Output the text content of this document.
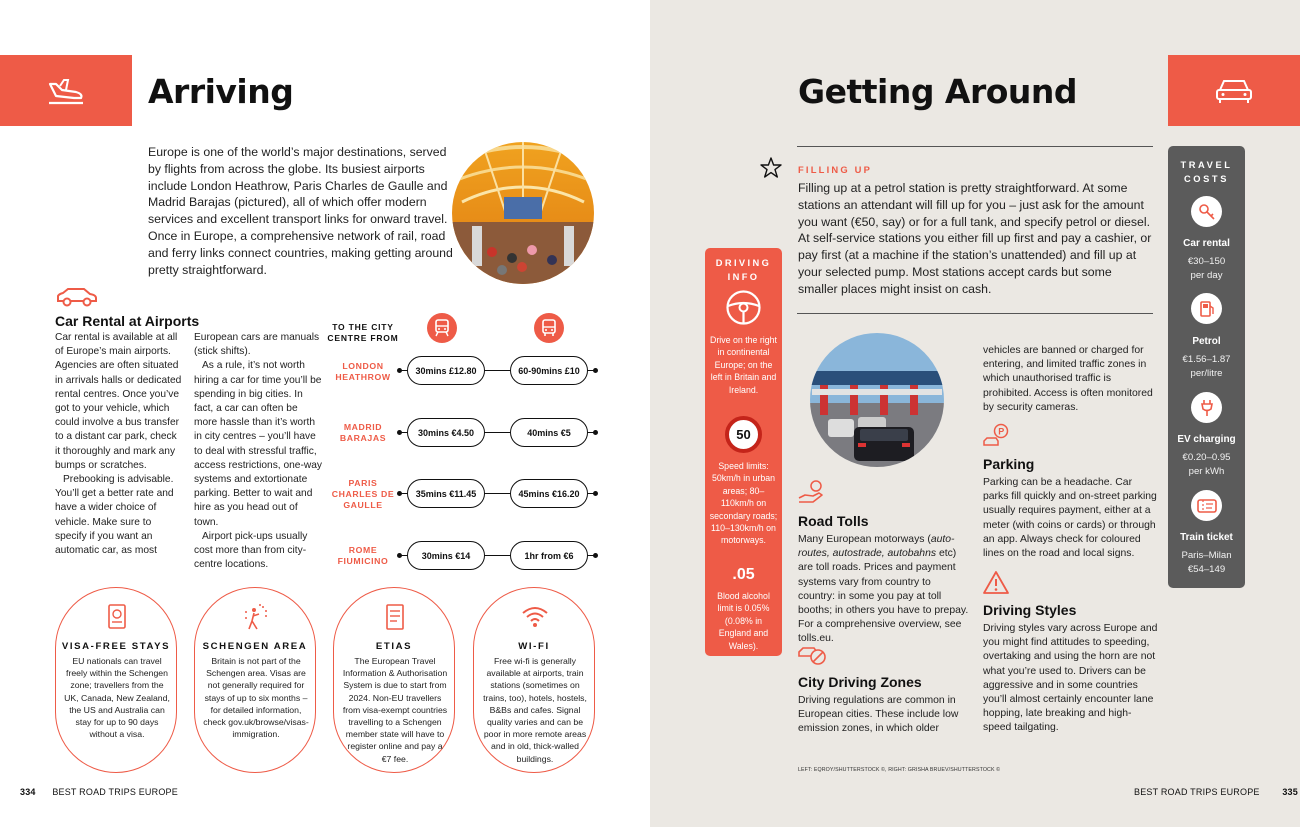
Arriving
Europe is one of the world’s major destinations, served by flights from across the globe. Its busiest airports include London Heathrow, Paris Charles de Gaulle and Madrid Barajas (pictured), all of which offer modern services and excellent transport links for onward travel. Once in Europe, a comprehensive network of rail, road and ferry links connect countries, making getting around pretty straightforward.
Car Rental at Airports
Car rental is available at all of Europe’s main airports. Agencies are often situated in arrivals halls or dedicated rental centres. Once you’ve got to your vehicle, which could involve a bus transfer to a distant car park, check it thoroughly and mark any bumps or scratches.
Prebooking is advisable. You’ll get a better rate and have a wider choice of vehicle. Make sure to specify if you want an automatic car, as most
European cars are manuals (stick shifts).
As a rule, it’s not worth hiring a car for time you’ll be spending in big cities. In fact, a car can often be more hassle than it’s worth in city centres – you’ll have to deal with stressful traffic, access restrictions, one-way systems and extortionate parking. Better to wait and hire as you head out of town.
Airport pick-ups usually cost more than from city-centre locations.
TO THE CITY CENTRE FROM
LONDON HEATHROW
30mins £12.80	60-90mins £10
MADRID BARAJAS
30mins €4.50	40mins €5
PARIS CHARLES DE GAULLE
35mins €11.45	45mins €16.20
ROME FIUMICINO
30mins €14	1hr from €6
VISA-FREE STAYS
EU nationals can travel freely within the Schengen zone; travellers from the UK, Canada, New Zealand, the US and Australia can stay for up to 90 days without a visa.
SCHENGEN AREA
Britain is not part of the Schengen area. Visas are not generally required for stays of up to six months – for detailed information, check gov.uk/browse/visas-immigration.
ETIAS
The European Travel Information & Authorisation System is due to start from 2024. Non-EU travellers from visa-exempt countries travelling to a Schengen member state will have to register online and pay a €7 fee.
WI-FI
Free wi-fi is generally available at airports, train stations (sometimes on trains, too), hotels, hostels, B&Bs and cafes. Signal quality varies and can be poor in more remote areas and in old, thick-walled buildings.
334 BEST ROAD TRIPS EUROPE
Getting Around
FILLING UP
Filling up at a petrol station is pretty straightforward. At some stations an attendant will fill up for you – just ask for the amount you want (€50, say) or for a full tank, and specify petrol or diesel. At self-service stations you either fill up first and pay a cashier, or pay first (at a machine if the station’s unattended) and fill up at your selected pump. Most stations accept cards but some smaller places might insist on cash.
Road Tolls
Many European motorways (auto-routes, autostrade, autobahns etc) are toll roads. Prices and payment systems vary from country to country: in some you pay at toll booths; in others you have to prepay. For a comprehensive overview, see tolls.eu.
City Driving Zones
Driving regulations are common in European cities. These include low emission zones, in which older
vehicles are banned or charged for entering, and limited traffic zones in which unauthorised traffic is prohibited. Access is often monitored by security cameras.
P
Parking
Parking can be a headache. Car parks fill quickly and on-street parking usually requires payment, either at a meter (with coins or cards) or through an app. Always check for coloured lines on the road and local signs.
Driving Styles
Driving styles vary across Europe and you might find attitudes to speeding, overtaking and using the horn are not what you’re used to. Drivers can be aggressive and in some countries you’ll almost certainly encounter lane hopping, late breaking and high-speed tailgating.
LEFT: EQROY/SHUTTERSTOCK ©, RIGHT: GRISHA BRUEV/SHUTTERSTOCK ©
BEST ROAD TRIPS EUROPE	335
DRIVING INFO
Drive on the right in continental Europe; on the left in Britain and Ireland.
50
Speed limits: 50km/h in urban areas; 80–110km/h on secondary roads; 110–130km/h on motorways.
.05
Blood alcohol limit is 0.05% (0.08% in England and Wales).
TRAVEL COSTS
Car rental
€30–150 per day
Petrol
€1.56–1.87 per/litre
EV charging
€0.20–0.95 per kWh
Train ticket
Paris–Milan €54–149
